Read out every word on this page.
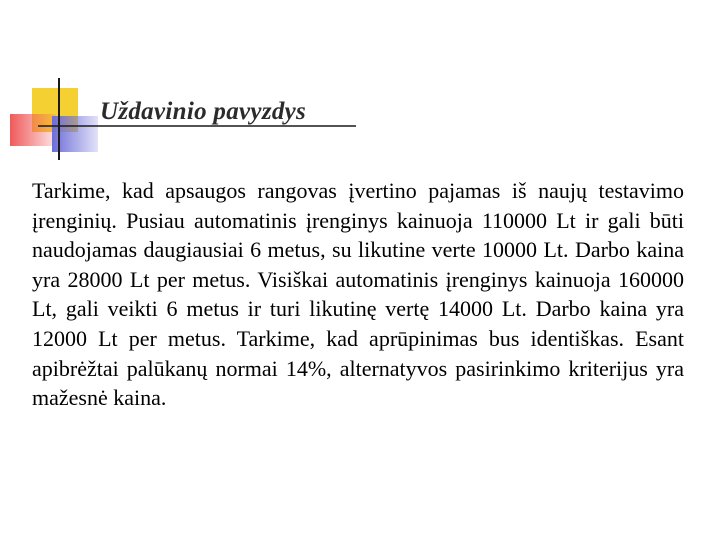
Uždavinio pavyzdys

Tarkime, kad apsaugos rangovas įvertino pajamas iš naujų testavimo įrenginių. Pusiau automatinis įrenginys kainuoja 110000 Lt ir gali būti naudojamas daugiausiai 6 metus, su likutine verte 10000 Lt. Darbo kaina yra 28000 Lt per metus. Visiškai automatinis įrenginys kainuoja 160000 Lt, gali veikti 6 metus ir turi likutinę vertę 14000 Lt. Darbo kaina yra 12000 Lt per metus. Tarkime, kad aprūpinimas bus identiškas. Esant apibrėžtai palūkanų normai 14%, alternatyvos pasirinkimo kriterijus yra mažesnė kaina.
